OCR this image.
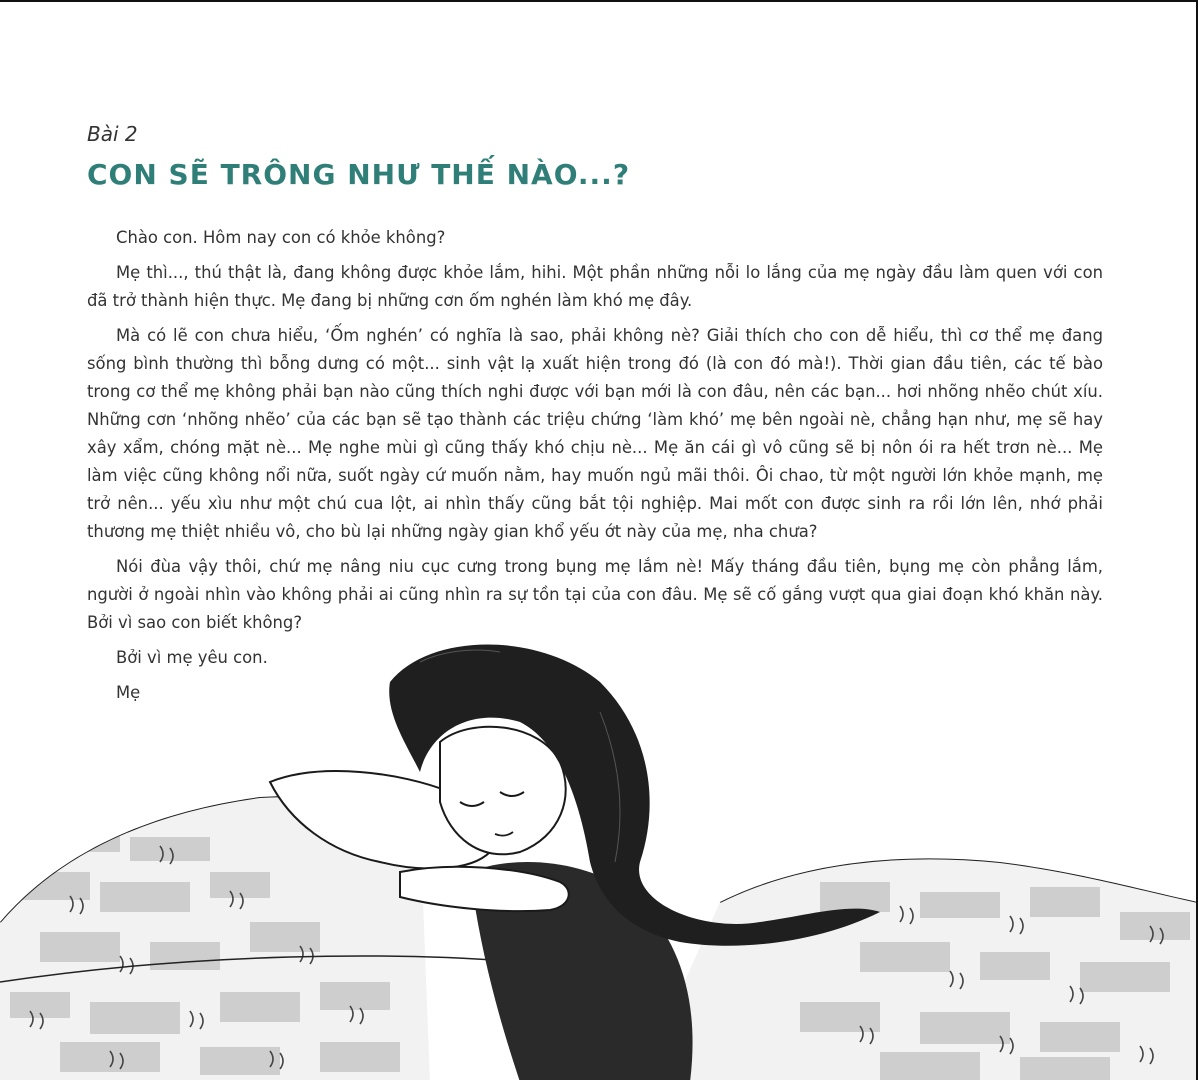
Bài 2
CON SẼ TRÔNG NHƯ THẾ NÀO...?

Chào con. Hôm nay con có khỏe không?

Mẹ thì..., thú thật là, đang không được khỏe lắm, hihi. Một phần những nỗi lo lắng của mẹ ngày đầu làm quen với con đã trở thành hiện thực. Mẹ đang bị những cơn ốm nghén làm khó mẹ đây.

Mà có lẽ con chưa hiểu, ‘Ốm nghén’ có nghĩa là sao, phải không nè? Giải thích cho con dễ hiểu, thì cơ thể mẹ đang sống bình thường thì bỗng dưng có một... sinh vật lạ xuất hiện trong đó (là con đó mà!). Thời gian đầu tiên, các tế bào trong cơ thể mẹ không phải bạn nào cũng thích nghi được với bạn mới là con đâu, nên các bạn... hơi nhõng nhẽo chút xíu. Những cơn ‘nhõng nhẽo’ của các bạn sẽ tạo thành các triệu chứng ‘làm khó’ mẹ bên ngoài nè, chẳng hạn như, mẹ sẽ hay xây xẩm, chóng mặt nè... Mẹ nghe mùi gì cũng thấy khó chịu nè... Mẹ ăn cái gì vô cũng sẽ bị nôn ói ra hết trơn nè... Mẹ làm việc cũng không nổi nữa, suốt ngày cứ muốn nằm, hay muốn ngủ mãi thôi. Ôi chao, từ một người lớn khỏe mạnh, mẹ trở nên... yếu xìu như một chú cua lột, ai nhìn thấy cũng bắt tội nghiệp. Mai mốt con được sinh ra rồi lớn lên, nhớ phải thương mẹ thiệt nhiều vô, cho bù lại những ngày gian khổ yếu ớt này của mẹ, nha chưa?

Nói đùa vậy thôi, chứ mẹ nâng niu cục cưng trong bụng mẹ lắm nè! Mấy tháng đầu tiên, bụng mẹ còn phẳng lắm, người ở ngoài nhìn vào không phải ai cũng nhìn ra sự tồn tại của con đâu. Mẹ sẽ cố gắng vượt qua giai đoạn khó khăn này. Bởi vì sao con biết không?

Bởi vì mẹ yêu con.

Mẹ
